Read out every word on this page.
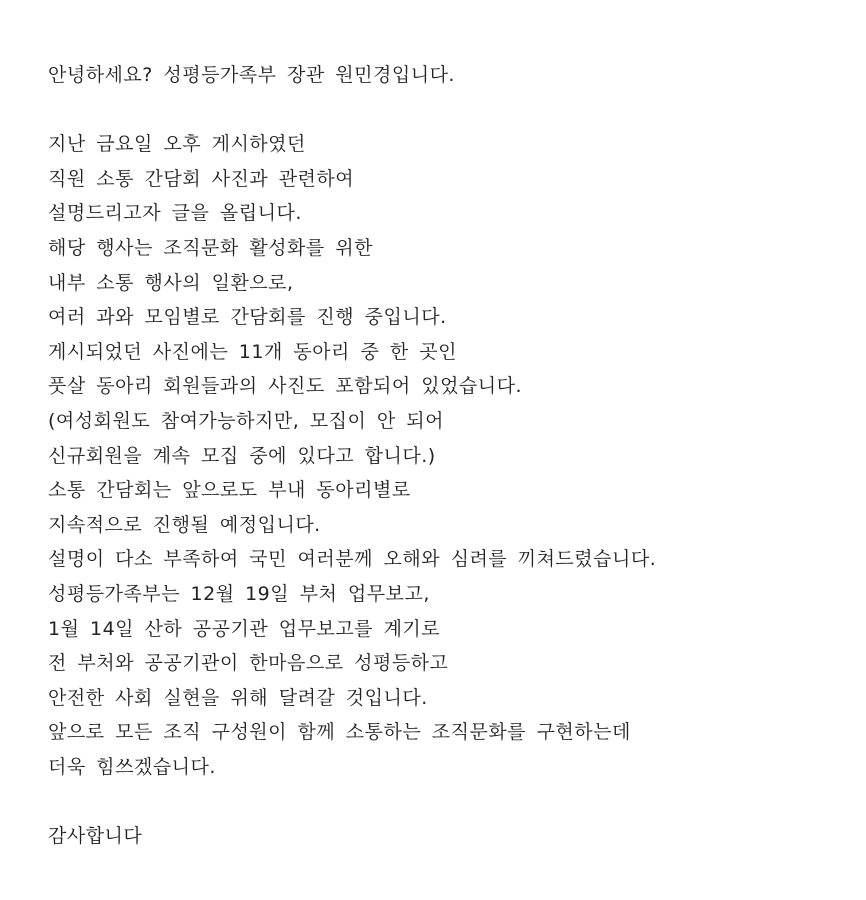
안녕하세요? 성평등가족부 장관 원민경입니다.
지난 금요일 오후 게시하였던
직원 소통 간담회 사진과 관련하여
설명드리고자 글을 올립니다.
해당 행사는 조직문화 활성화를 위한
내부 소통 행사의 일환으로,
여러 과와 모임별로 간담회를 진행 중입니다.
게시되었던 사진에는 11개 동아리 중 한 곳인
풋살 동아리 회원들과의 사진도 포함되어 있었습니다.
(여성회원도 참여가능하지만, 모집이 안 되어
신규회원을 계속 모집 중에 있다고 합니다.)
소통 간담회는 앞으로도 부내 동아리별로
지속적으로 진행될 예정입니다.
설명이 다소 부족하여 국민 여러분께 오해와 심려를 끼쳐드렸습니다.
성평등가족부는 12월 19일 부처 업무보고,
1월 14일 산하 공공기관 업무보고를 계기로
전 부처와 공공기관이 한마음으로 성평등하고
안전한 사회 실현을 위해 달려갈 것입니다.
앞으로 모든 조직 구성원이 함께 소통하는 조직문화를 구현하는데
더욱 힘쓰겠습니다.
감사합니다
